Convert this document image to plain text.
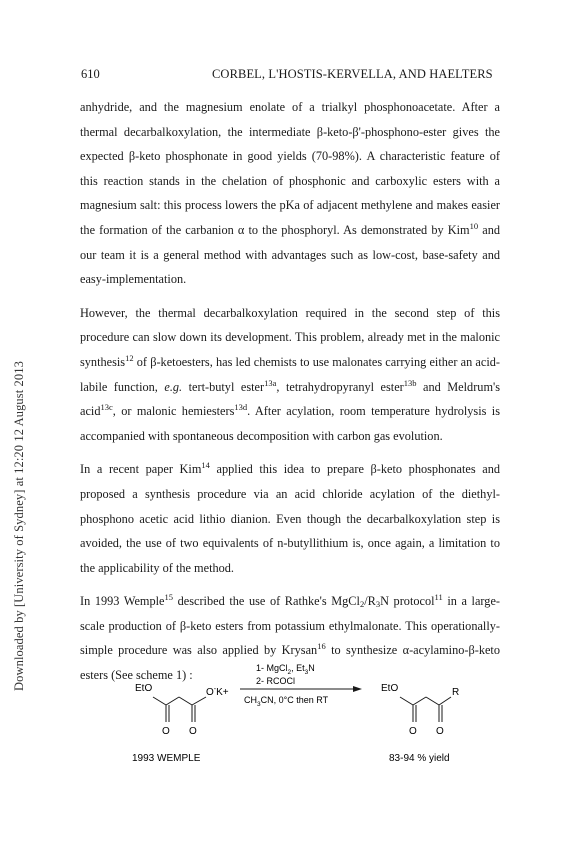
610	CORBEL, L'HOSTIS-KERVELLA, AND HAELTERS
Downloaded by [University of Sydney] at 12:20 12 August 2013

anhydride, and the magnesium enolate of a trialkyl phosphonoacetate. After a thermal decarbalkoxylation, the intermediate β-keto-β'-phosphono-ester gives the expected β-keto phosphonate in good yields (70-98%). A characteristic feature of this reaction stands in the chelation of phosphonic and carboxylic esters with a magnesium salt: this process lowers the pKa of adjacent methylene and makes easier the formation of the carbanion α to the phosphoryl. As demonstrated by Kim$^{10}$ and our team it is a general method with advantages such as low-cost, base-safety and easy-implementation.

However, the thermal decarbalkoxylation required in the second step of this procedure can slow down its development. This problem, already met in the malonic synthesis$^{12}$ of β-ketoesters, has led chemists to use malonates carrying either an acid-labile function, e.g. tert-butyl ester$^{13a}$, tetrahydropyranyl ester$^{13b}$ and Meldrum's acid$^{13c}$, or malonic hemiesters$^{13d}$. After acylation, room temperature hydrolysis is accompanied with spontaneous decomposition with carbon gas evolution.

In a recent paper Kim$^{14}$ applied this idea to prepare β-keto phosphonates and proposed a synthesis procedure via an acid chloride acylation of the diethyl-phosphono acetic acid lithio dianion. Even though the decarbalkoxylation step is avoided, the use of two equivalents of n-butyllithium is, once again, a limitation to the applicability of the method.

In 1993 Wemple$^{15}$ described the use of Rathke's $MgCl_2/R_3N$ protocol$^{11}$ in a large-scale production of β-keto esters from potassium ethylmalonate. This operationally-simple procedure was also applied by Krysan$^{16}$ to synthesize α-acylamino-β-keto esters (See scheme 1) :

EtO	O-K+
O O
1993 WEMPLE
1- MgCl$_2$, $Et_3N$
2- RCOCl
$CH_3CN$, 0°C then RT
EtO	R
O O
83-94 % yield
